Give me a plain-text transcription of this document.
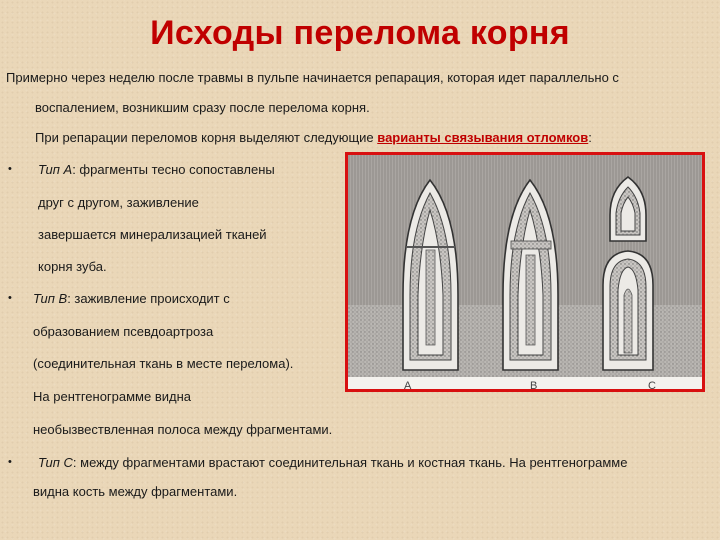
Исходы перелома корня
Примерно через неделю после травмы в пульпе начинается репарация, которая идет параллельно с
воспалением, возникшим сразу после перелома корня.
При репарации переломов корня выделяют следующие варианты связывания отломков:
• Тип А: фрагменты тесно сопоставлены
друг с другом, заживление
завершается минерализацией тканей
корня зуба.
• Тип В: заживление происходит с
образованием псевдоартроза
(соединительная ткань в месте перелома).
На рентгенограмме видна
необызвествленная полоса между фрагментами.
• Тип С: между фрагментами врастают соединительная ткань и костная ткань. На рентгенограмме
видна кость между фрагментами.
A	B	C
